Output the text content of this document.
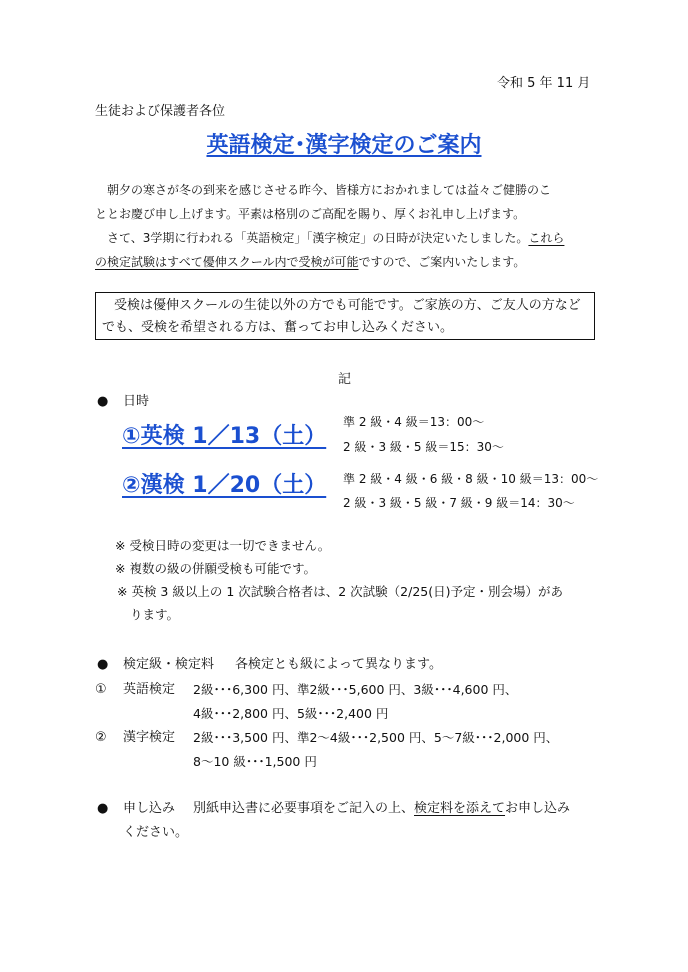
令和 5 年 11 月
生徒および保護者各位
英語検定･漢字検定のご案内
朝夕の寒さが冬の到来を感じさせる昨今、皆様方におかれましては益々ご健勝のこ
ととお慶び申し上げます。平素は格別のご高配を賜り、厚くお礼申し上げます。
さて、3学期に行われる「英語検定」「漢字検定」の日時が決定いたしました。これら
の検定試験はすべて優伸スクール内で受検が可能ですので、ご案内いたします。
受検は優伸スクールの生徒以外の方でも可能です。ご家族の方、ご友人の方などでも、受検を希望される方は、奮ってお申し込みください。
記
● 日時
①英検 1／13（土）
準 2 級・4 級＝13：00～
2 級・3 級・5 級＝15：30～
②漢検 1／20（土） 準 2 級・4 級・6 級・8 級・10 級＝13：00～
2 級・3 級・5 級・7 級・9 級＝14：30～
※ 受検日時の変更は一切できません。
※ 複数の級の併願受検も可能です。
※ 英検 3 級以上の 1 次試験合格者は、2 次試験（2/25(日)予定・別会場）があ
ります。
● 検定級・検定料 各検定とも級によって異なります。
① 英語検定 2級･･･6,300 円、準2級･･･5,600 円、3級･･･4,600 円、
4級･･･2,800 円、5級･･･2,400 円
② 漢字検定 2級･･･3,500 円、準2～4級･･･2,500 円、5～7級･･･2,000 円、
8～10 級･･･1,500 円
● 申し込み 別紙申込書に必要事項をご記入の上、検定料を添えてお申し込み
ください。
